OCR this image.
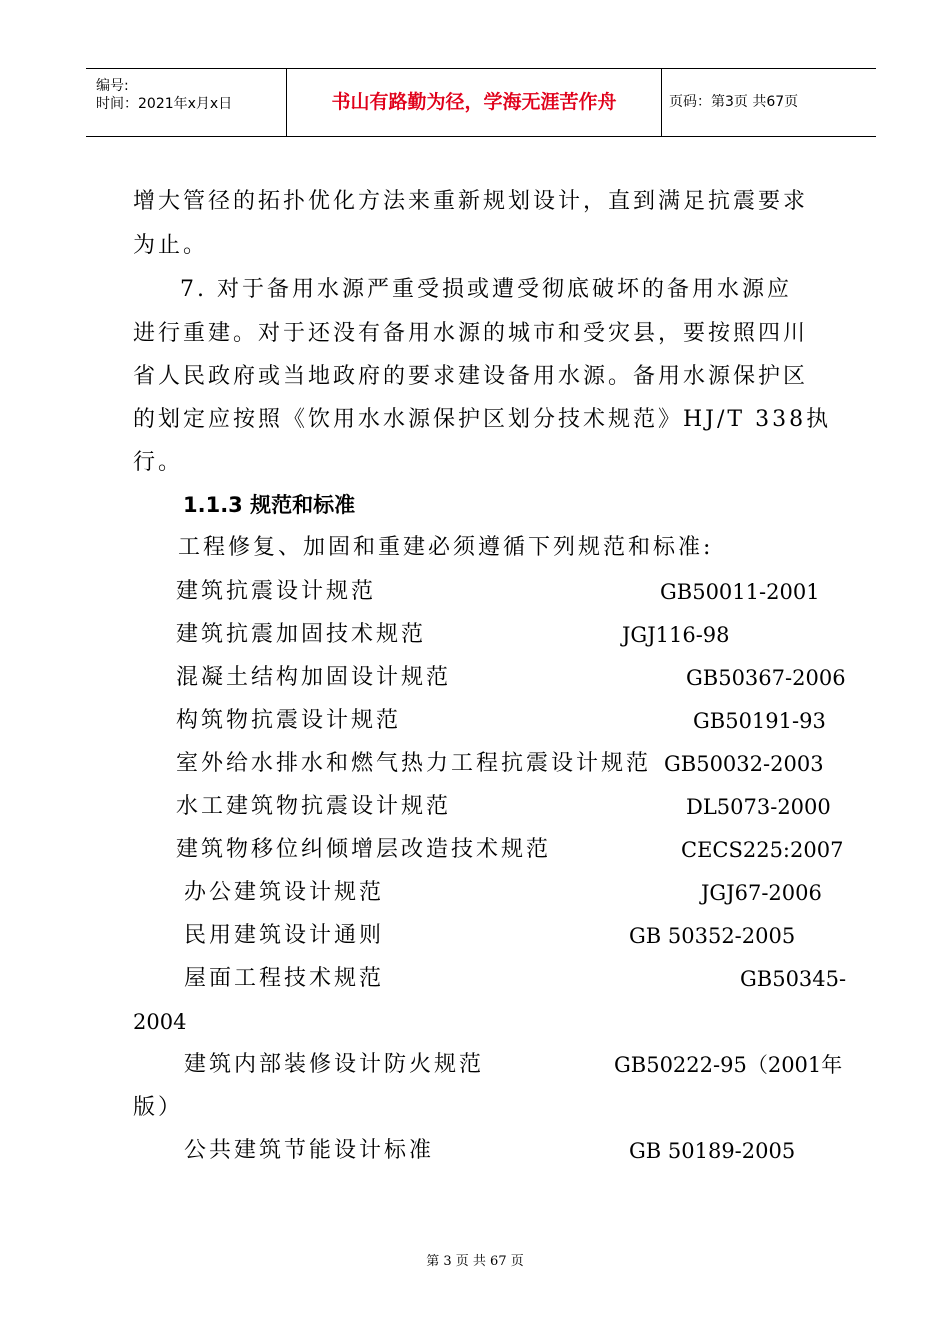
编号:
时间：2021年x月x日	书山有路勤为径，学海无涯苦作舟	页码：第3页 共67页
增大管径的拓扑优化方法来重新规划设计，直到满足抗震要求
为止。
7. 对于备用水源严重受损或遭受彻底破坏的备用水源应
进行重建。对于还没有备用水源的城市和受灾县，要按照四川
省人民政府或当地政府的要求建设备用水源。备用水源保护区
的划定应按照《饮用水水源保护区划分技术规范》HJ/T 338执
行。
1.1.3 规范和标准
工程修复、加固和重建必须遵循下列规范和标准:
建筑抗震设计规范	GB50011-2001
建筑抗震加固技术规范	JGJ116-98
混凝土结构加固设计规范	GB50367-2006
构筑物抗震设计规范	GB50191-93
室外给水排水和燃气热力工程抗震设计规范 GB50032-2003
水工建筑物抗震设计规范	DL5073-2000
建筑物移位纠倾增层改造技术规范	CECS225:2007
办公建筑设计规范	JGJ67-2006
民用建筑设计通则	GB 50352-2005
屋面工程技术规范	GB50345-
2004
建筑内部装修设计防火规范	GB50222-95（2001年
版）
公共建筑节能设计标准	GB 50189-2005
第 3 页 共 67 页
